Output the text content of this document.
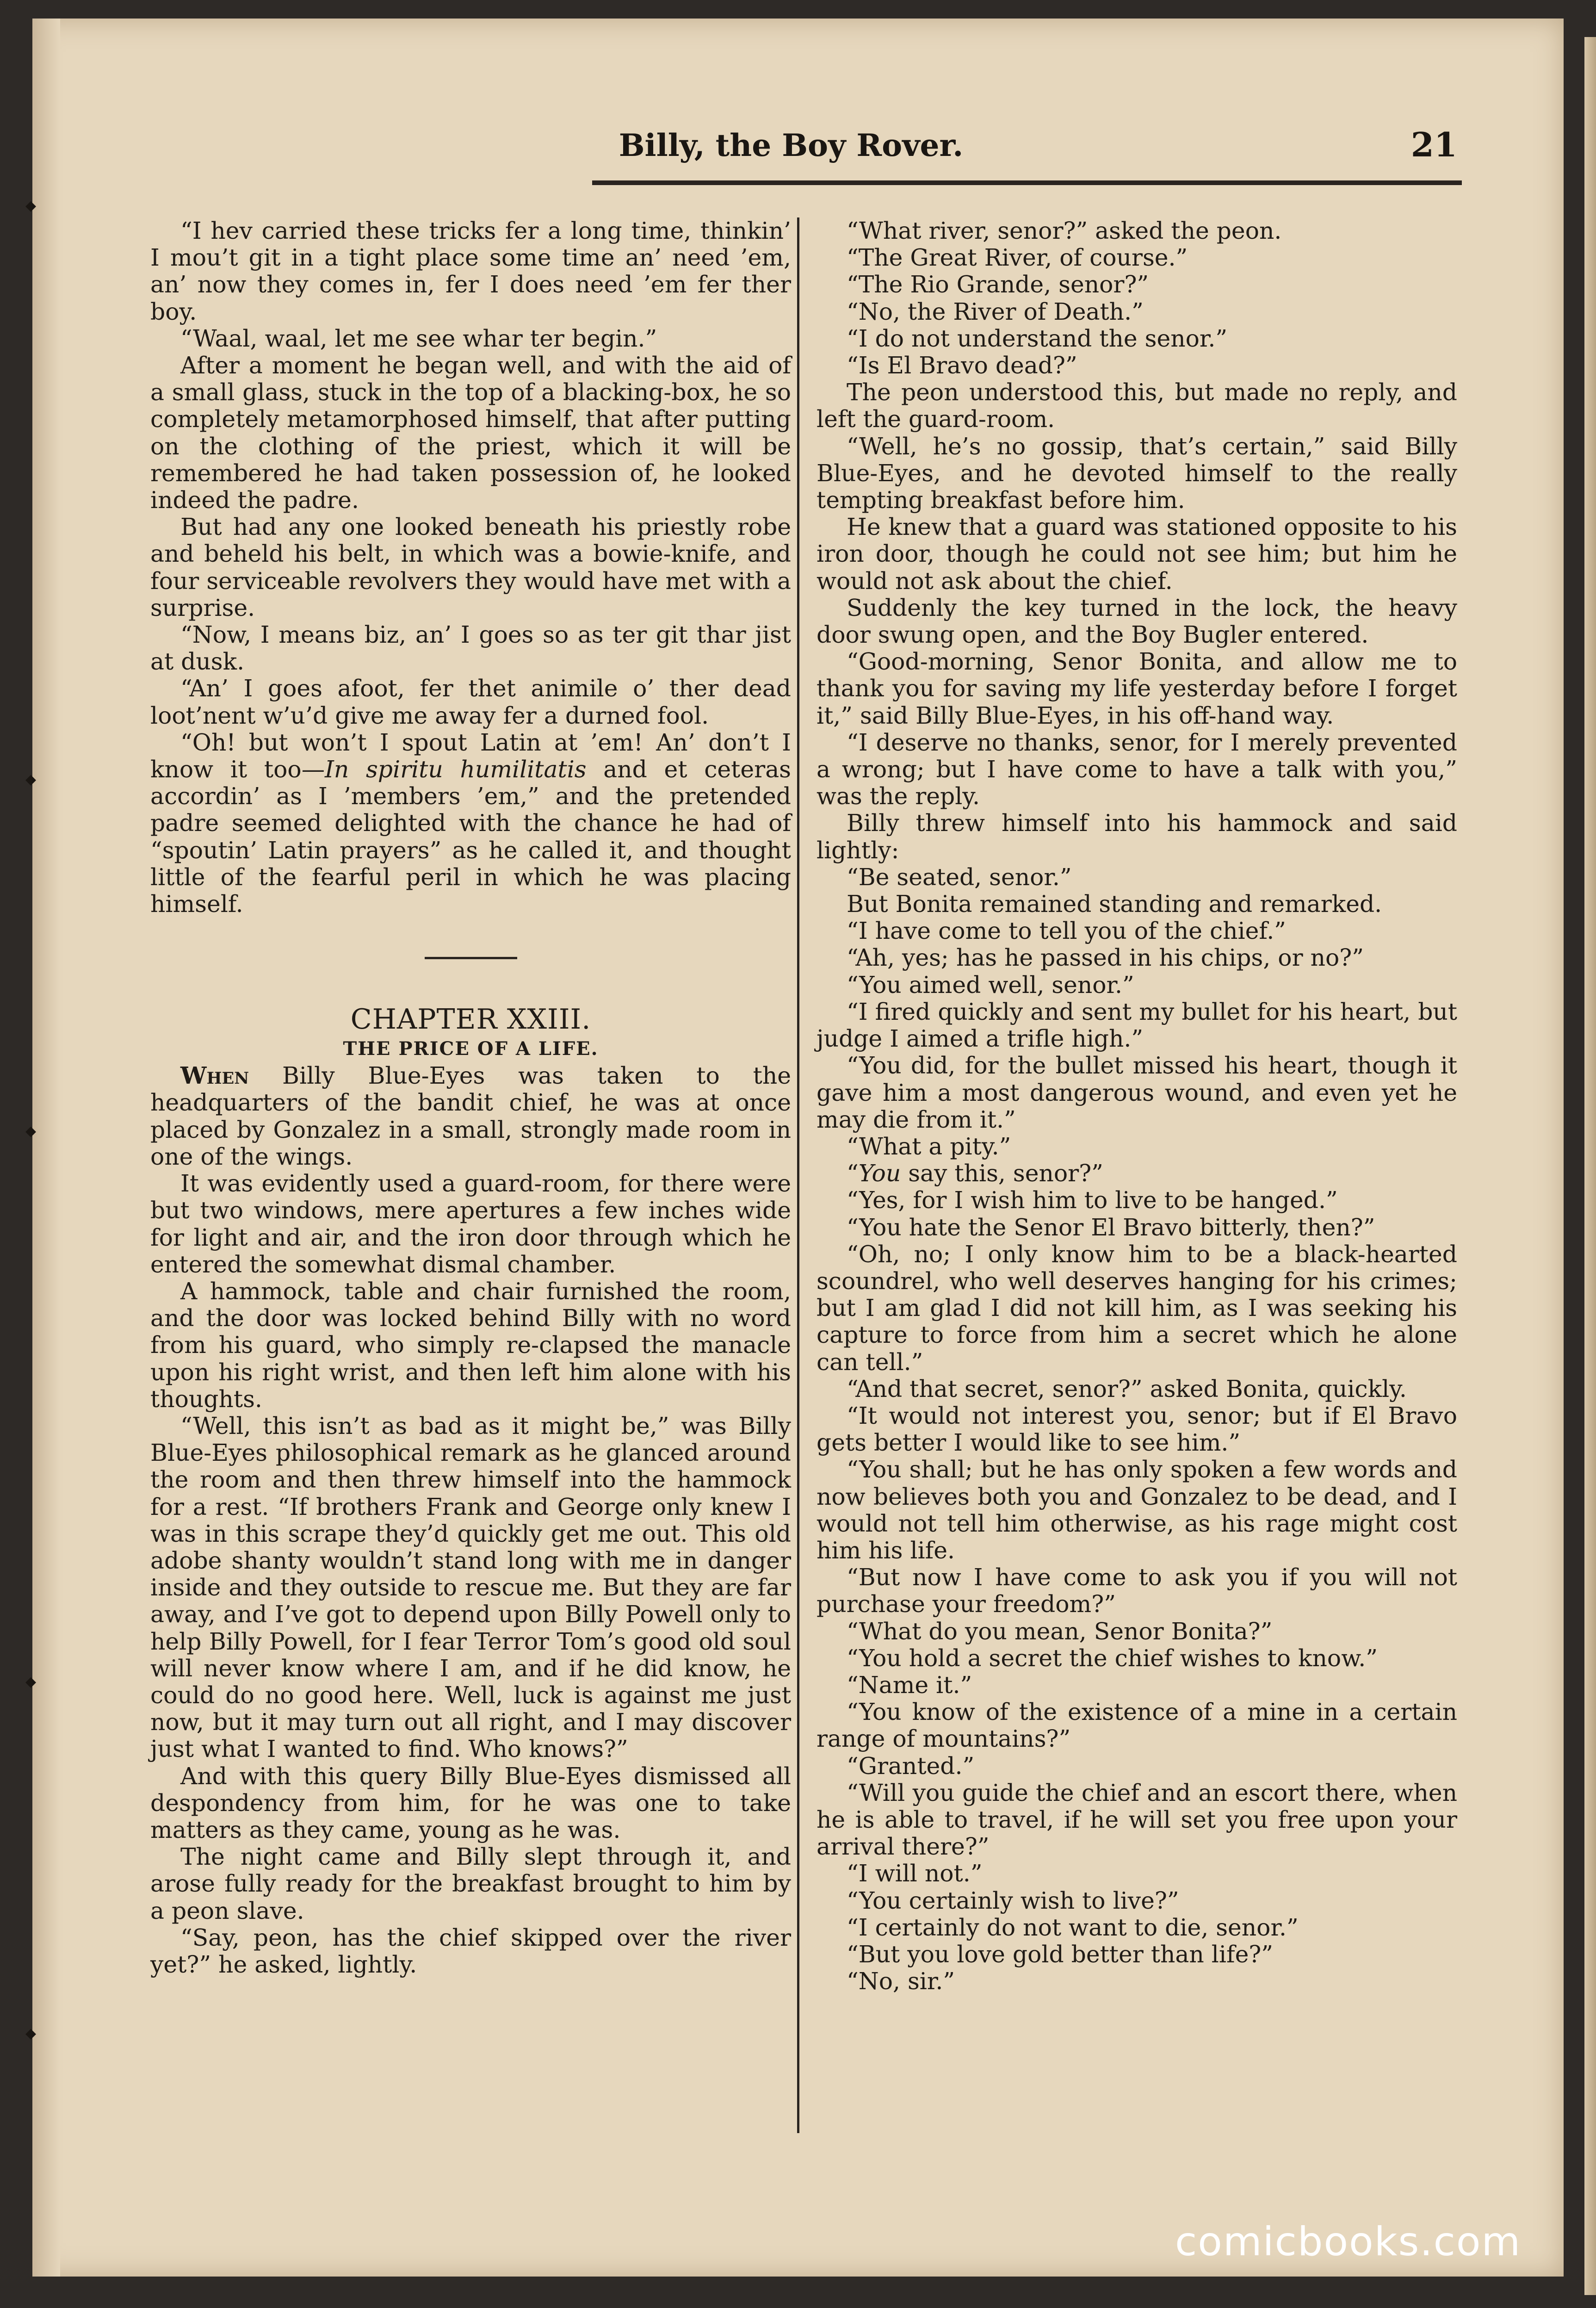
◆
◆
◆
◆
◆
Billy, the Boy Rover.	21

“I hev carried these tricks fer a long time, thinkin’ I mou’t git in a tight place some time an’ need ’em, an’ now they comes in, fer I does need ’em fer ther boy.

“Waal, waal, let me see whar ter begin.”

After a moment he began well, and with the aid of a small glass, stuck in the top of a blacking-box, he so completely metamorphosed himself, that after putting on the clothing of the priest, which it will be remembered he had taken possession of, he looked indeed the padre.

But had any one looked beneath his priestly robe and beheld his belt, in which was a bowie-knife, and four serviceable revolvers they would have met with a surprise.

“Now, I means biz, an’ I goes so as ter git thar jist at dusk.

“An’ I goes afoot, fer thet animile o’ ther dead loot’nent w’u’d give me away fer a durned fool.

“Oh! but won’t I spout Latin at ’em! An’ don’t I know it too—In spiritu humilitatis and et ceteras accordin’ as I ’members ’em,” and the pretended padre seemed delighted with the chance he had of “spoutin’ Latin prayers” as he called it, and thought little of the fearful peril in which he was placing himself.

CHAPTER XXIII.

THE PRICE OF A LIFE.

When Billy Blue-Eyes was taken to the headquarters of the bandit chief, he was at once placed by Gonzalez in a small, strongly made room in one of the wings.

It was evidently used a guard-room, for there were but two windows, mere apertures a few inches wide for light and air, and the iron door through which he entered the somewhat dismal chamber.

A hammock, table and chair furnished the room, and the door was locked behind Billy with no word from his guard, who simply re-clapsed the manacle upon his right wrist, and then left him alone with his thoughts.

“Well, this isn’t as bad as it might be,” was Billy Blue-Eyes philosophical remark as he glanced around the room and then threw himself into the hammock for a rest. “If brothers Frank and George only knew I was in this scrape they’d quickly get me out. This old adobe shanty wouldn’t stand long with me in danger inside and they outside to rescue me. But they are far away, and I’ve got to depend upon Billy Powell only to help Billy Powell, for I fear Terror Tom’s good old soul will never know where I am, and if he did know, he could do no good here. Well, luck is against me just now, but it may turn out all right, and I may discover just what I wanted to find. Who knows?”

And with this query Billy Blue-Eyes dismissed all despondency from him, for he was one to take matters as they came, young as he was.

The night came and Billy slept through it, and arose fully ready for the breakfast brought to him by a peon slave.

“Say, peon, has the chief skipped over the river yet?” he asked, lightly.

“What river, senor?” asked the peon.

“The Great River, of course.”

“The Rio Grande, senor?”

“No, the River of Death.”

“I do not understand the senor.”

“Is El Bravo dead?”

The peon understood this, but made no reply, and left the guard-room.

“Well, he’s no gossip, that’s certain,” said Billy Blue-Eyes, and he devoted himself to the really tempting breakfast before him.

He knew that a guard was stationed opposite to his iron door, though he could not see him; but him he would not ask about the chief.

Suddenly the key turned in the lock, the heavy door swung open, and the Boy Bugler entered.

“Good-morning, Senor Bonita, and allow me to thank you for saving my life yesterday before I forget it,” said Billy Blue-Eyes, in his off-hand way.

“I deserve no thanks, senor, for I merely prevented a wrong; but I have come to have a talk with you,” was the reply.

Billy threw himself into his hammock and said lightly:

“Be seated, senor.”

But Bonita remained standing and remarked.

“I have come to tell you of the chief.”

“Ah, yes; has he passed in his chips, or no?”

“You aimed well, senor.”

“I fired quickly and sent my bullet for his heart, but judge I aimed a trifle high.”

“You did, for the bullet missed his heart, though it gave him a most dangerous wound, and even yet he may die from it.”

“What a pity.”

“You say this, senor?”

“Yes, for I wish him to live to be hanged.”

“You hate the Senor El Bravo bitterly, then?”

“Oh, no; I only know him to be a black-hearted scoundrel, who well deserves hanging for his crimes; but I am glad I did not kill him, as I was seeking his capture to force from him a secret which he alone can tell.”

“And that secret, senor?” asked Bonita, quickly.

“It would not interest you, senor; but if El Bravo gets better I would like to see him.”

“You shall; but he has only spoken a few words and now believes both you and Gonzalez to be dead, and I would not tell him otherwise, as his rage might cost him his life.

“But now I have come to ask you if you will not purchase your freedom?”

“What do you mean, Senor Bonita?”

“You hold a secret the chief wishes to know.”

“Name it.”

“You know of the existence of a mine in a certain range of mountains?”

“Granted.”

“Will you guide the chief and an escort there, when he is able to travel, if he will set you free upon your arrival there?”

“I will not.”

“You certainly wish to live?”

“I certainly do not want to die, senor.”

“But you love gold better than life?”

“No, sir.”

comicbooks.com
